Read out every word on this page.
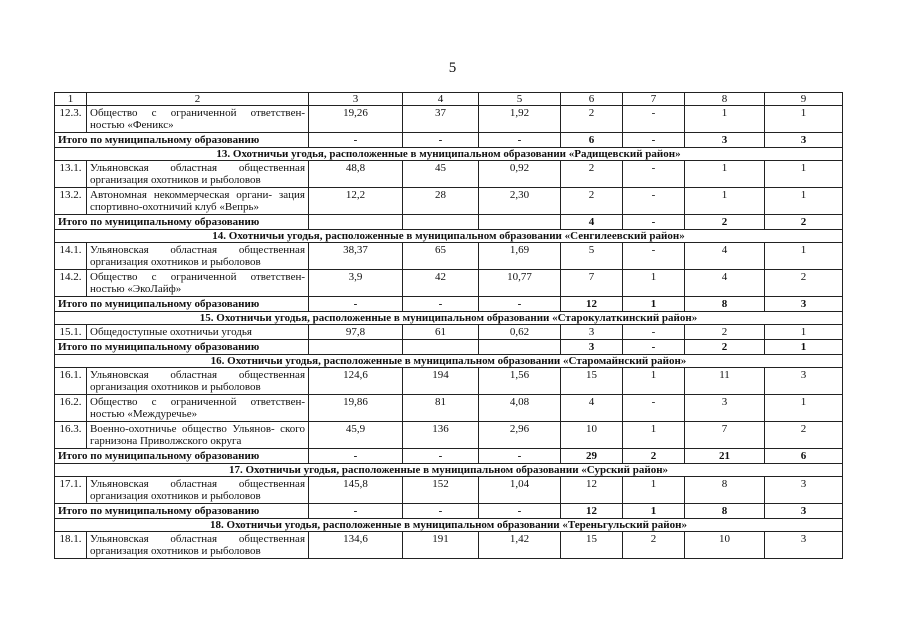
5
1	2	3	4	5	6	7	8	9
12.3.	Общество с ограниченной ответствен- ностью «Феникс»	19,26	37	1,92	2	-	1	1
Итого по муниципальному образованию		-	-	-	6	-	3	3
13. Охотничьи угодья, расположенные в муниципальном образовании «Радищевский район»								
13.1.	Ульяновская областная общественная организация охотников и рыболовов	48,8	45	0,92	2	-	1	1
13.2.	Автономная некоммерческая органи- зация спортивно-охотничий клуб «Вепрь»	12,2	28	2,30	2	-	1	1
Итого по муниципальному образованию					4	-	2	2
14. Охотничьи угодья, расположенные в муниципальном образовании «Сенгилеевский район»								
14.1.	Ульяновская областная общественная организация охотников и рыболовов	38,37	65	1,69	5	-	4	1
14.2.	Общество с ограниченной ответствен- ностью «ЭкоЛайф»	3,9	42	10,77	7	1	4	2
Итого по муниципальному образованию		-	-	-	12	1	8	3
15. Охотничьи угодья, расположенные в муниципальном образовании «Старокулаткинский район»								
15.1.	Общедоступные охотничьи угодья	97,8	61	0,62	3	-	2	1
Итого по муниципальному образованию					3	-	2	1
16. Охотничьи угодья, расположенные в муниципальном образовании «Старомайнский район»								
16.1.	Ульяновская областная общественная организация охотников и рыболовов	124,6	194	1,56	15	1	11	3
16.2.	Общество с ограниченной ответствен- ностью «Междуречье»	19,86	81	4,08	4	-	3	1
16.3.	Военно-охотничье общество Ульянов- ского гарнизона Приволжского округа	45,9	136	2,96	10	1	7	2
Итого по муниципальному образованию		-	-	-	29	2	21	6
17. Охотничьи угодья, расположенные в муниципальном образовании «Сурский район»								
17.1.	Ульяновская областная общественная организация охотников и рыболовов	145,8	152	1,04	12	1	8	3
Итого по муниципальному образованию		-	-	-	12	1	8	3
18. Охотничьи угодья, расположенные в муниципальном образовании «Тереньгульский район»								
18.1.	Ульяновская областная общественная организация охотников и рыболовов	134,6	191	1,42	15	2	10	3
